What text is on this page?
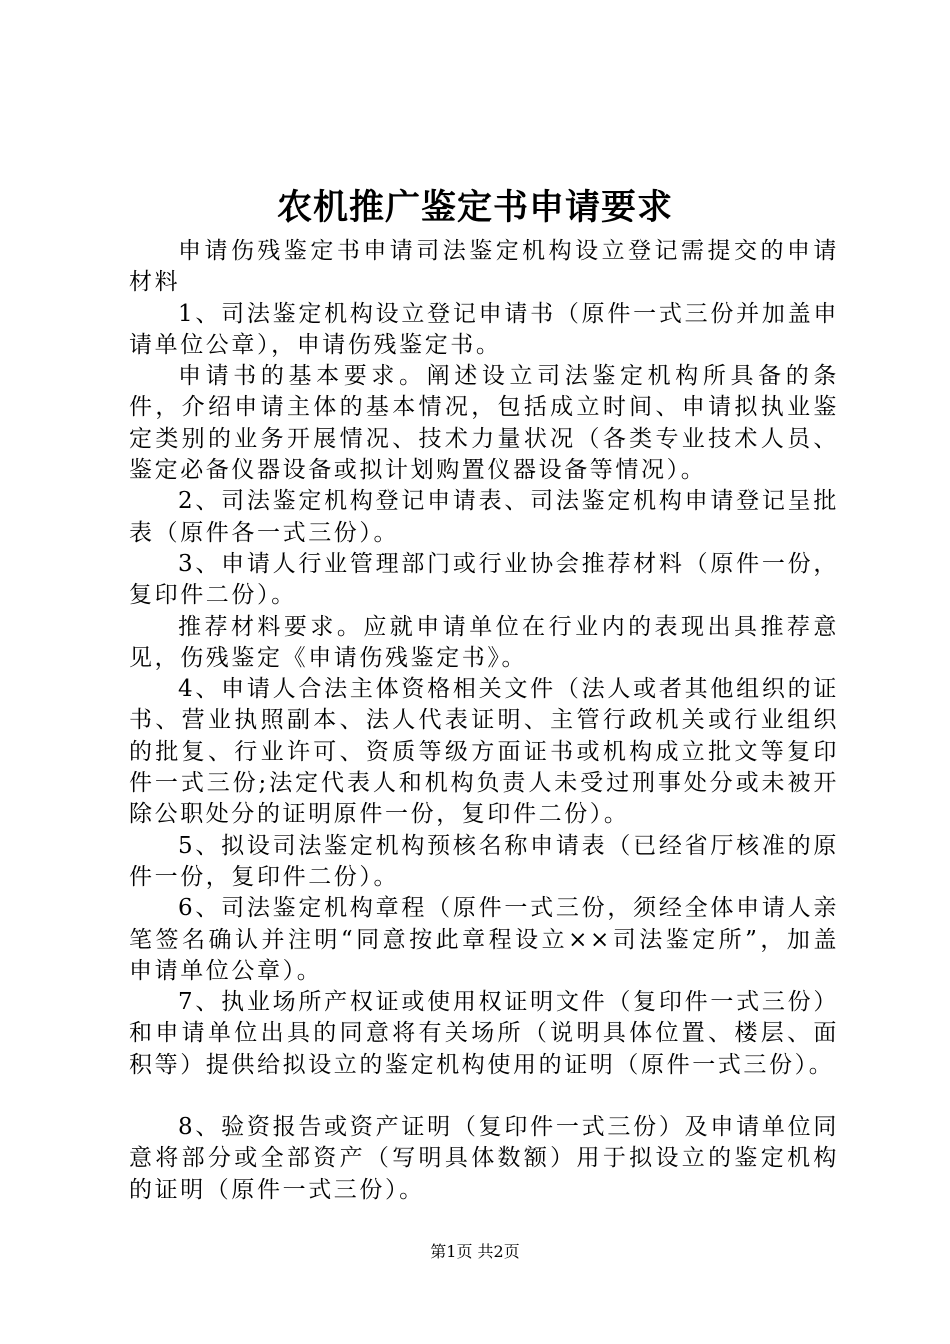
农机推广鉴定书申请要求

申请伤残鉴定书申请司法鉴定机构设立登记需提交的申请材料

1、司法鉴定机构设立登记申请书（原件一式三份并加盖申请单位公章），申请伤残鉴定书。

申请书的基本要求。阐述设立司法鉴定机构所具备的条件，介绍申请主体的基本情况，包括成立时间、申请拟执业鉴定类别的业务开展情况、技术力量状况（各类专业技术人员、鉴定必备仪器设备或拟计划购置仪器设备等情况）。

2、司法鉴定机构登记申请表、司法鉴定机构申请登记呈批表（原件各一式三份）。

3、申请人行业管理部门或行业协会推荐材料（原件一份，复印件二份）。

推荐材料要求。应就申请单位在行业内的表现出具推荐意见，伤残鉴定《申请伤残鉴定书》。

4、申请人合法主体资格相关文件（法人或者其他组织的证书、营业执照副本、法人代表证明、主管行政机关或行业组织的批复、行业许可、资质等级方面证书或机构成立批文等复印件一式三份;法定代表人和机构负责人未受过刑事处分或未被开除公职处分的证明原件一份，复印件二份）。

5、拟设司法鉴定机构预核名称申请表（已经省厅核准的原件一份，复印件二份）。

6、司法鉴定机构章程（原件一式三份，须经全体申请人亲笔签名确认并注明“同意按此章程设立××司法鉴定所”，加盖申请单位公章）。

7、执业场所产权证或使用权证明文件（复印件一式三份）和申请单位出具的同意将有关场所（说明具体位置、楼层、面积等）提供给拟设立的鉴定机构使用的证明（原件一式三份）。

8、验资报告或资产证明（复印件一式三份）及申请单位同意将部分或全部资产（写明具体数额）用于拟设立的鉴定机构的证明（原件一式三份）。

第1页 共2页
